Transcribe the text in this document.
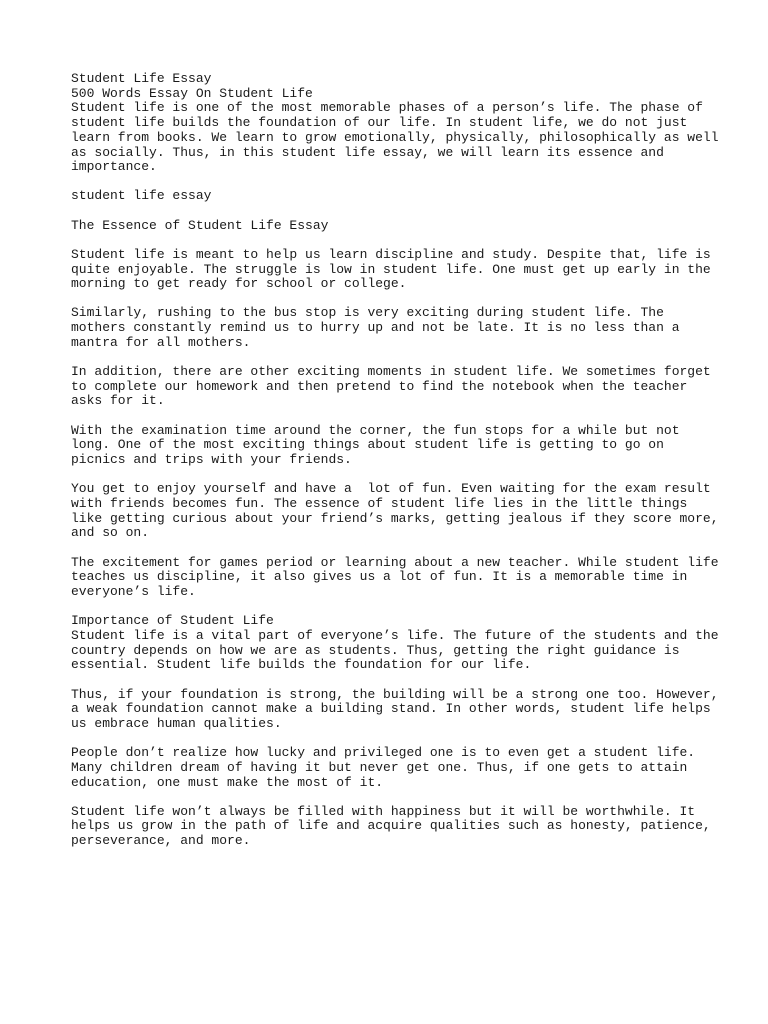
Student Life Essay
500 Words Essay On Student Life
Student life is one of the most memorable phases of a person’s life. The phase of
student life builds the foundation of our life. In student life, we do not just
learn from books. We learn to grow emotionally, physically, philosophically as well
as socially. Thus, in this student life essay, we will learn its essence and
importance.
student life essay
The Essence of Student Life Essay
Student life is meant to help us learn discipline and study. Despite that, life is
quite enjoyable. The struggle is low in student life. One must get up early in the
morning to get ready for school or college.
Similarly, rushing to the bus stop is very exciting during student life. The
mothers constantly remind us to hurry up and not be late. It is no less than a
mantra for all mothers.
In addition, there are other exciting moments in student life. We sometimes forget
to complete our homework and then pretend to find the notebook when the teacher
asks for it.
With the examination time around the corner, the fun stops for a while but not
long. One of the most exciting things about student life is getting to go on
picnics and trips with your friends.
You get to enjoy yourself and have a  lot of fun. Even waiting for the exam result
with friends becomes fun. The essence of student life lies in the little things
like getting curious about your friend’s marks, getting jealous if they score more,
and so on.
The excitement for games period or learning about a new teacher. While student life
teaches us discipline, it also gives us a lot of fun. It is a memorable time in
everyone’s life.
Importance of Student Life
Student life is a vital part of everyone’s life. The future of the students and the
country depends on how we are as students. Thus, getting the right guidance is
essential. Student life builds the foundation for our life.
Thus, if your foundation is strong, the building will be a strong one too. However,
a weak foundation cannot make a building stand. In other words, student life helps
us embrace human qualities.
People don’t realize how lucky and privileged one is to even get a student life.
Many children dream of having it but never get one. Thus, if one gets to attain
education, one must make the most of it.
Student life won’t always be filled with happiness but it will be worthwhile. It
helps us grow in the path of life and acquire qualities such as honesty, patience,
perseverance, and more.
